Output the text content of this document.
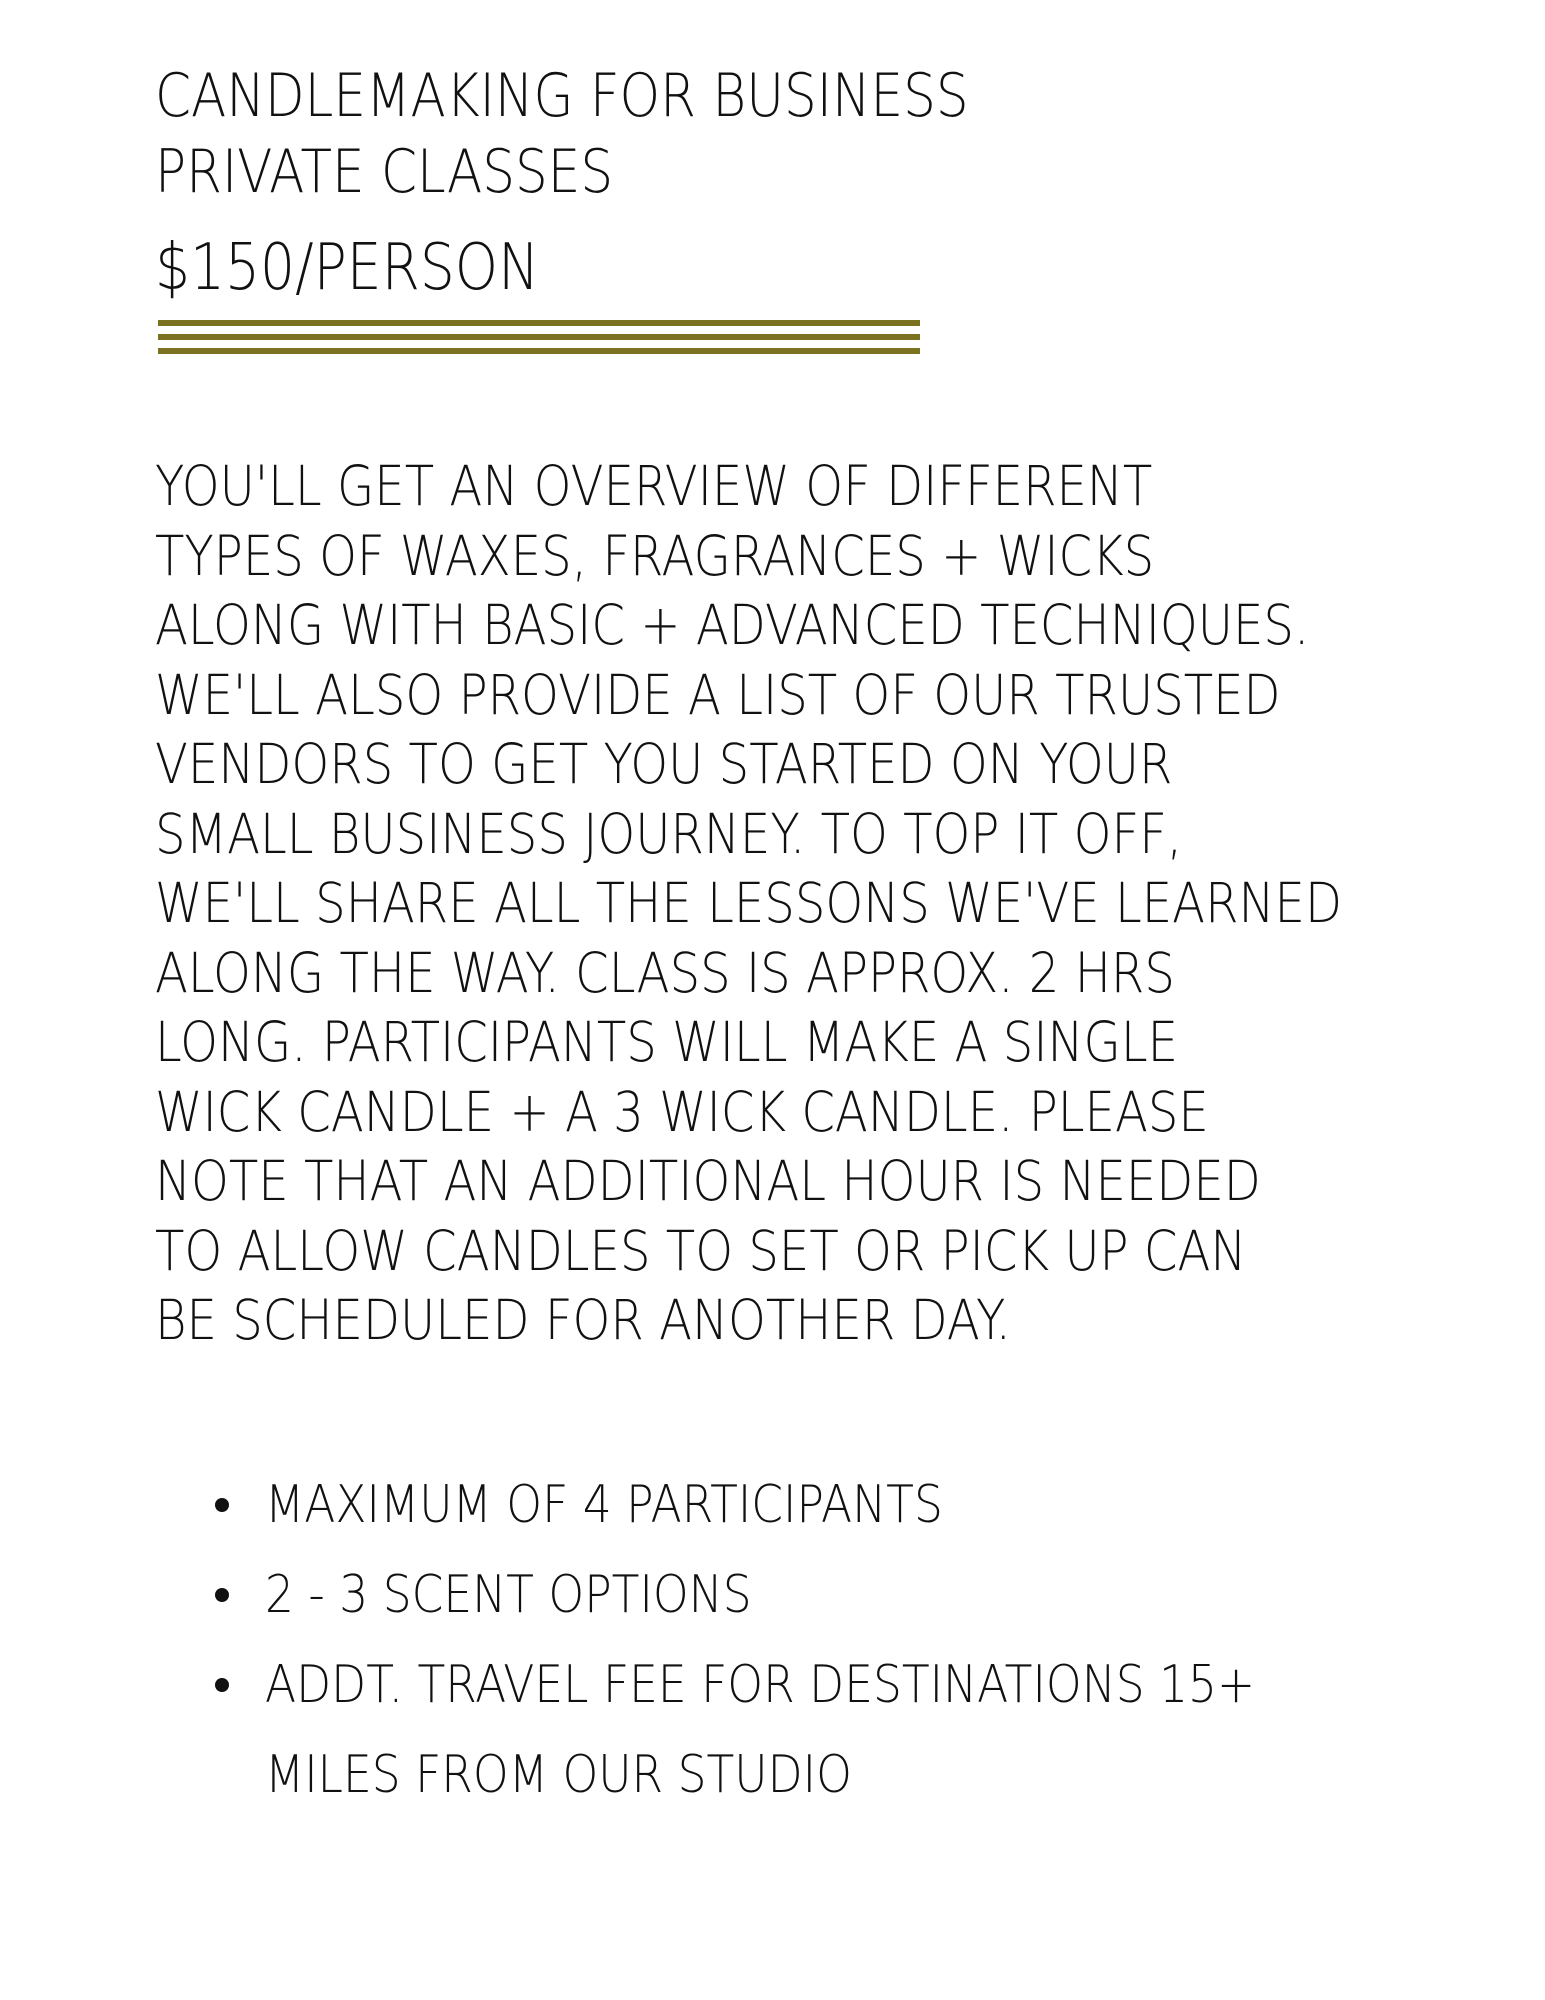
CANDLEMAKING FOR BUSINESS
PRIVATE CLASSES
$150/PERSON

YOU'LL GET AN OVERVIEW OF DIFFERENT
TYPES OF WAXES, FRAGRANCES + WICKS
ALONG WITH BASIC + ADVANCED TECHNIQUES.
WE'LL ALSO PROVIDE A LIST OF OUR TRUSTED
VENDORS TO GET YOU STARTED ON YOUR
SMALL BUSINESS JOURNEY. TO TOP IT OFF,
WE'LL SHARE ALL THE LESSONS WE'VE LEARNED
ALONG THE WAY. CLASS IS APPROX. 2 HRS
LONG. PARTICIPANTS WILL MAKE A SINGLE
WICK CANDLE + A 3 WICK CANDLE. PLEASE
NOTE THAT AN ADDITIONAL HOUR IS NEEDED
TO ALLOW CANDLES TO SET OR PICK UP CAN
BE SCHEDULED FOR ANOTHER DAY.

MAXIMUM OF 4 PARTICIPANTS
2 - 3 SCENT OPTIONS
ADDT. TRAVEL FEE FOR DESTINATIONS 15+
MILES FROM OUR STUDIO
